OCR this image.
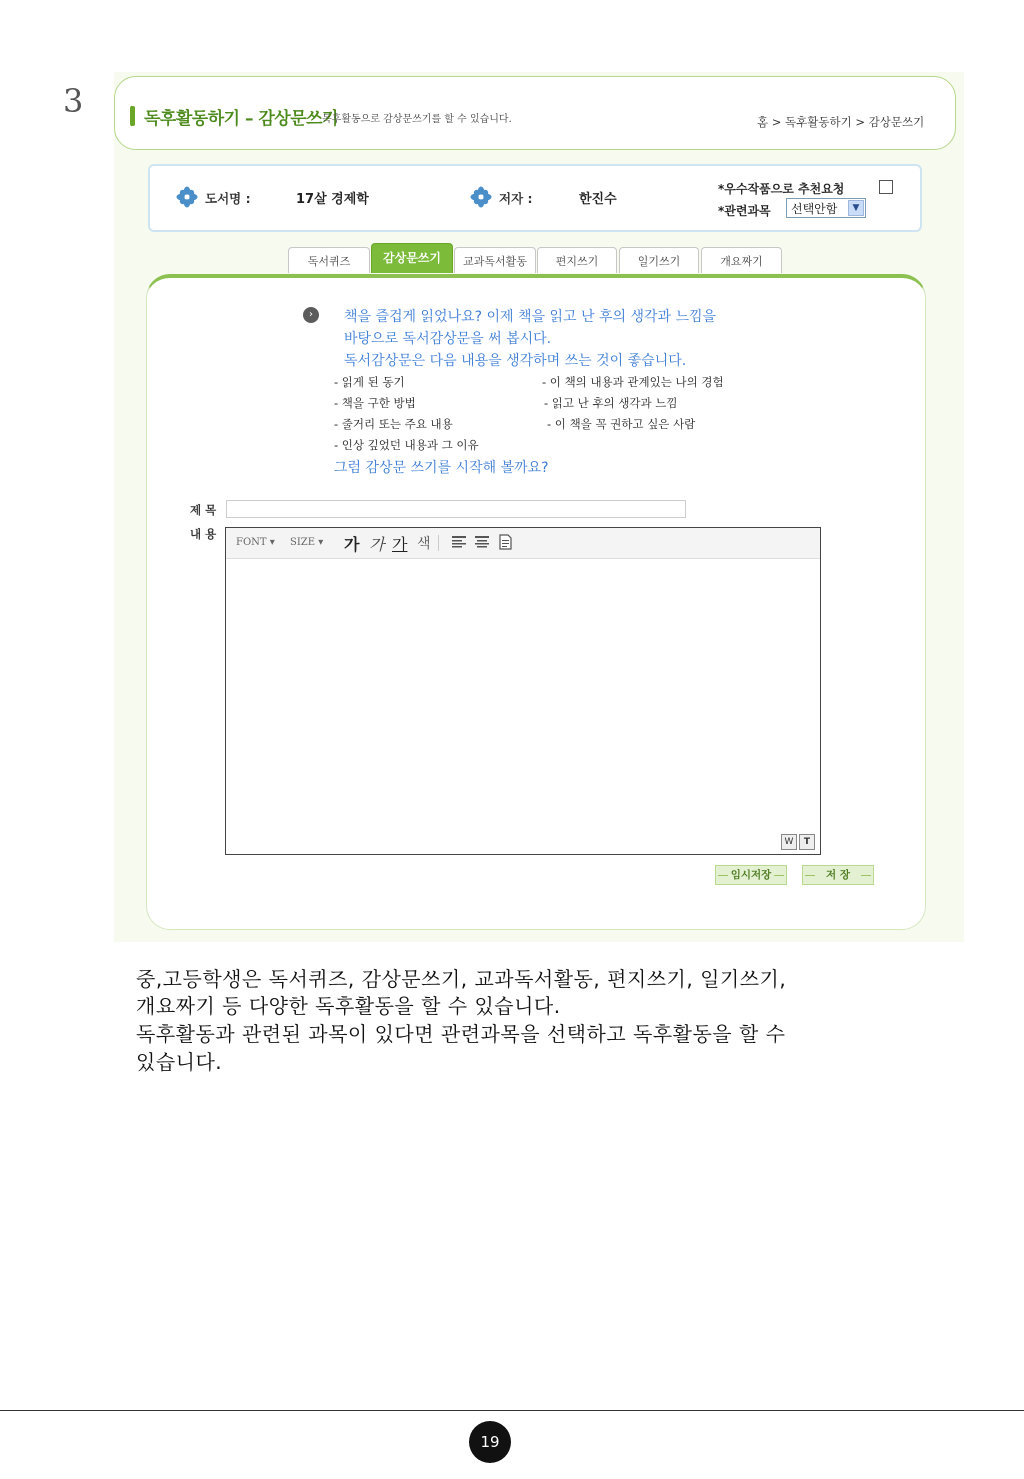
3	독후활동하기 – 감상문쓰기
독후활동으로 감상문쓰기를 할 수 있습니다.	홈 > 독후활동하기 > 감상문쓰기
도서명 :	17살 경제학	저자 :	한진수
*우수작품으로 추천요청
*관련과목 선택안함	▼
독서퀴즈	감상문쓰기	교과독서활동	편지쓰기	일기쓰기	개요짜기
›	책을 즐겁게 읽었나요? 이제 책을 읽고 난 후의 생각과 느낌을
바탕으로 독서감상문을 써 봅시다.
독서감상문은 다음 내용을 생각하며 쓰는 것이 좋습니다.
- 읽게 된 동기
- 책을 구한 방법
- 줄거리 또는 주요 내용
- 인상 깊었던 내용과 그 이유
- 이 책의 내용과 관계있는 나의 경험
- 읽고 난 후의 생각과 느낌
- 이 책을 꼭 권하고 싶은 사람
그럼 감상문 쓰기를 시작해 볼까요?
제 목
내 용
FONT ▾ SIZE ▾ 가 가 가 색
W	T
임시저장	저 장
중,고등학생은 독서퀴즈, 감상문쓰기, 교과독서활동, 편지쓰기, 일기쓰기,
개요짜기 등 다양한 독후활동을 할 수 있습니다.
독후활동과 관련된 과목이 있다면 관련과목을 선택하고 독후활동을 할 수
있습니다.
19
